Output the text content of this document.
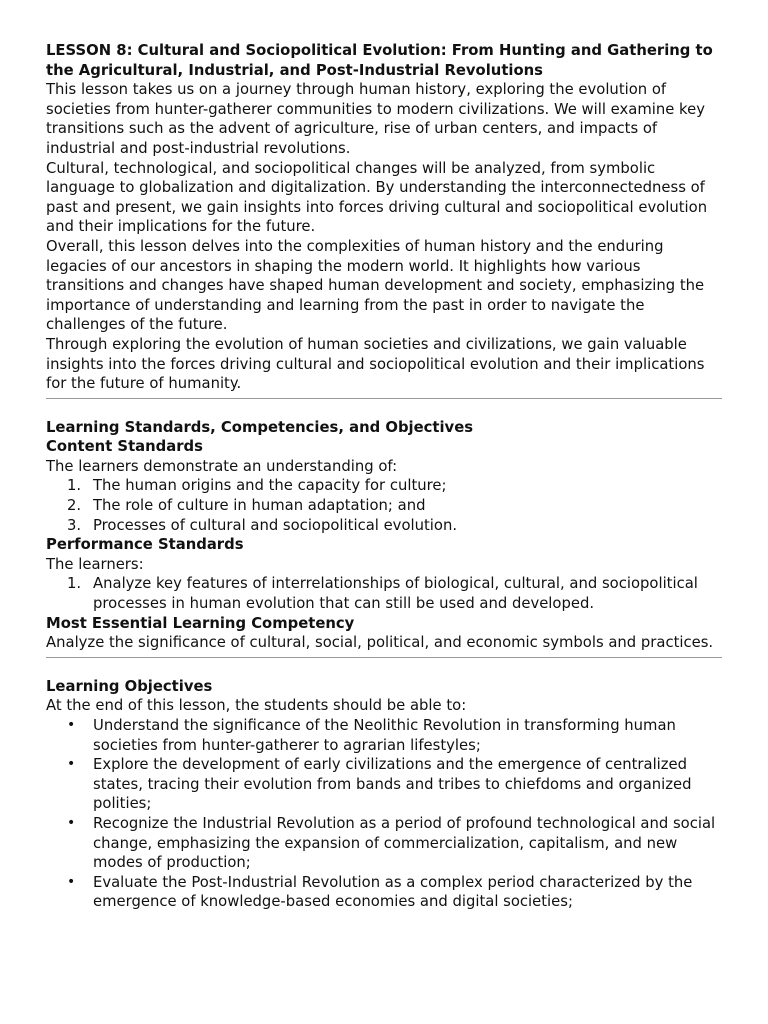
LESSON 8: Cultural and Sociopolitical Evolution: From Hunting and Gathering to the Agricultural, Industrial, and Post-Industrial Revolutions

This lesson takes us on a journey through human history, exploring the evolution of societies from hunter-gatherer communities to modern civilizations. We will examine key transitions such as the advent of agriculture, rise of urban centers, and impacts of industrial and post-industrial revolutions.

Cultural, technological, and sociopolitical changes will be analyzed, from symbolic language to globalization and digitalization. By understanding the interconnectedness of past and present, we gain insights into forces driving cultural and sociopolitical evolution and their implications for the future.

Overall, this lesson delves into the complexities of human history and the enduring legacies of our ancestors in shaping the modern world. It highlights how various transitions and changes have shaped human development and society, emphasizing the importance of understanding and learning from the past in order to navigate the challenges of the future.

Through exploring the evolution of human societies and civilizations, we gain valuable insights into the forces driving cultural and sociopolitical evolution and their implications for the future of humanity.

Learning Standards, Competencies, and Objectives

Content Standards

The learners demonstrate an understanding of:

1. The human origins and the capacity for culture;
2. The role of culture in human adaptation; and
3. Processes of cultural and sociopolitical evolution.

Performance Standards

The learners:

1. Analyze key features of interrelationships of biological, cultural, and sociopolitical processes in human evolution that can still be used and developed.

Most Essential Learning Competency

Analyze the significance of cultural, social, political, and economic symbols and practices.

Learning Objectives

At the end of this lesson, the students should be able to:

• Understand the significance of the Neolithic Revolution in transforming human societies from hunter-gatherer to agrarian lifestyles;
• Explore the development of early civilizations and the emergence of centralized states, tracing their evolution from bands and tribes to chiefdoms and organized polities;
• Recognize the Industrial Revolution as a period of profound technological and social change, emphasizing the expansion of commercialization, capitalism, and new modes of production;
• Evaluate the Post-Industrial Revolution as a complex period characterized by the emergence of knowledge-based economies and digital societies;
